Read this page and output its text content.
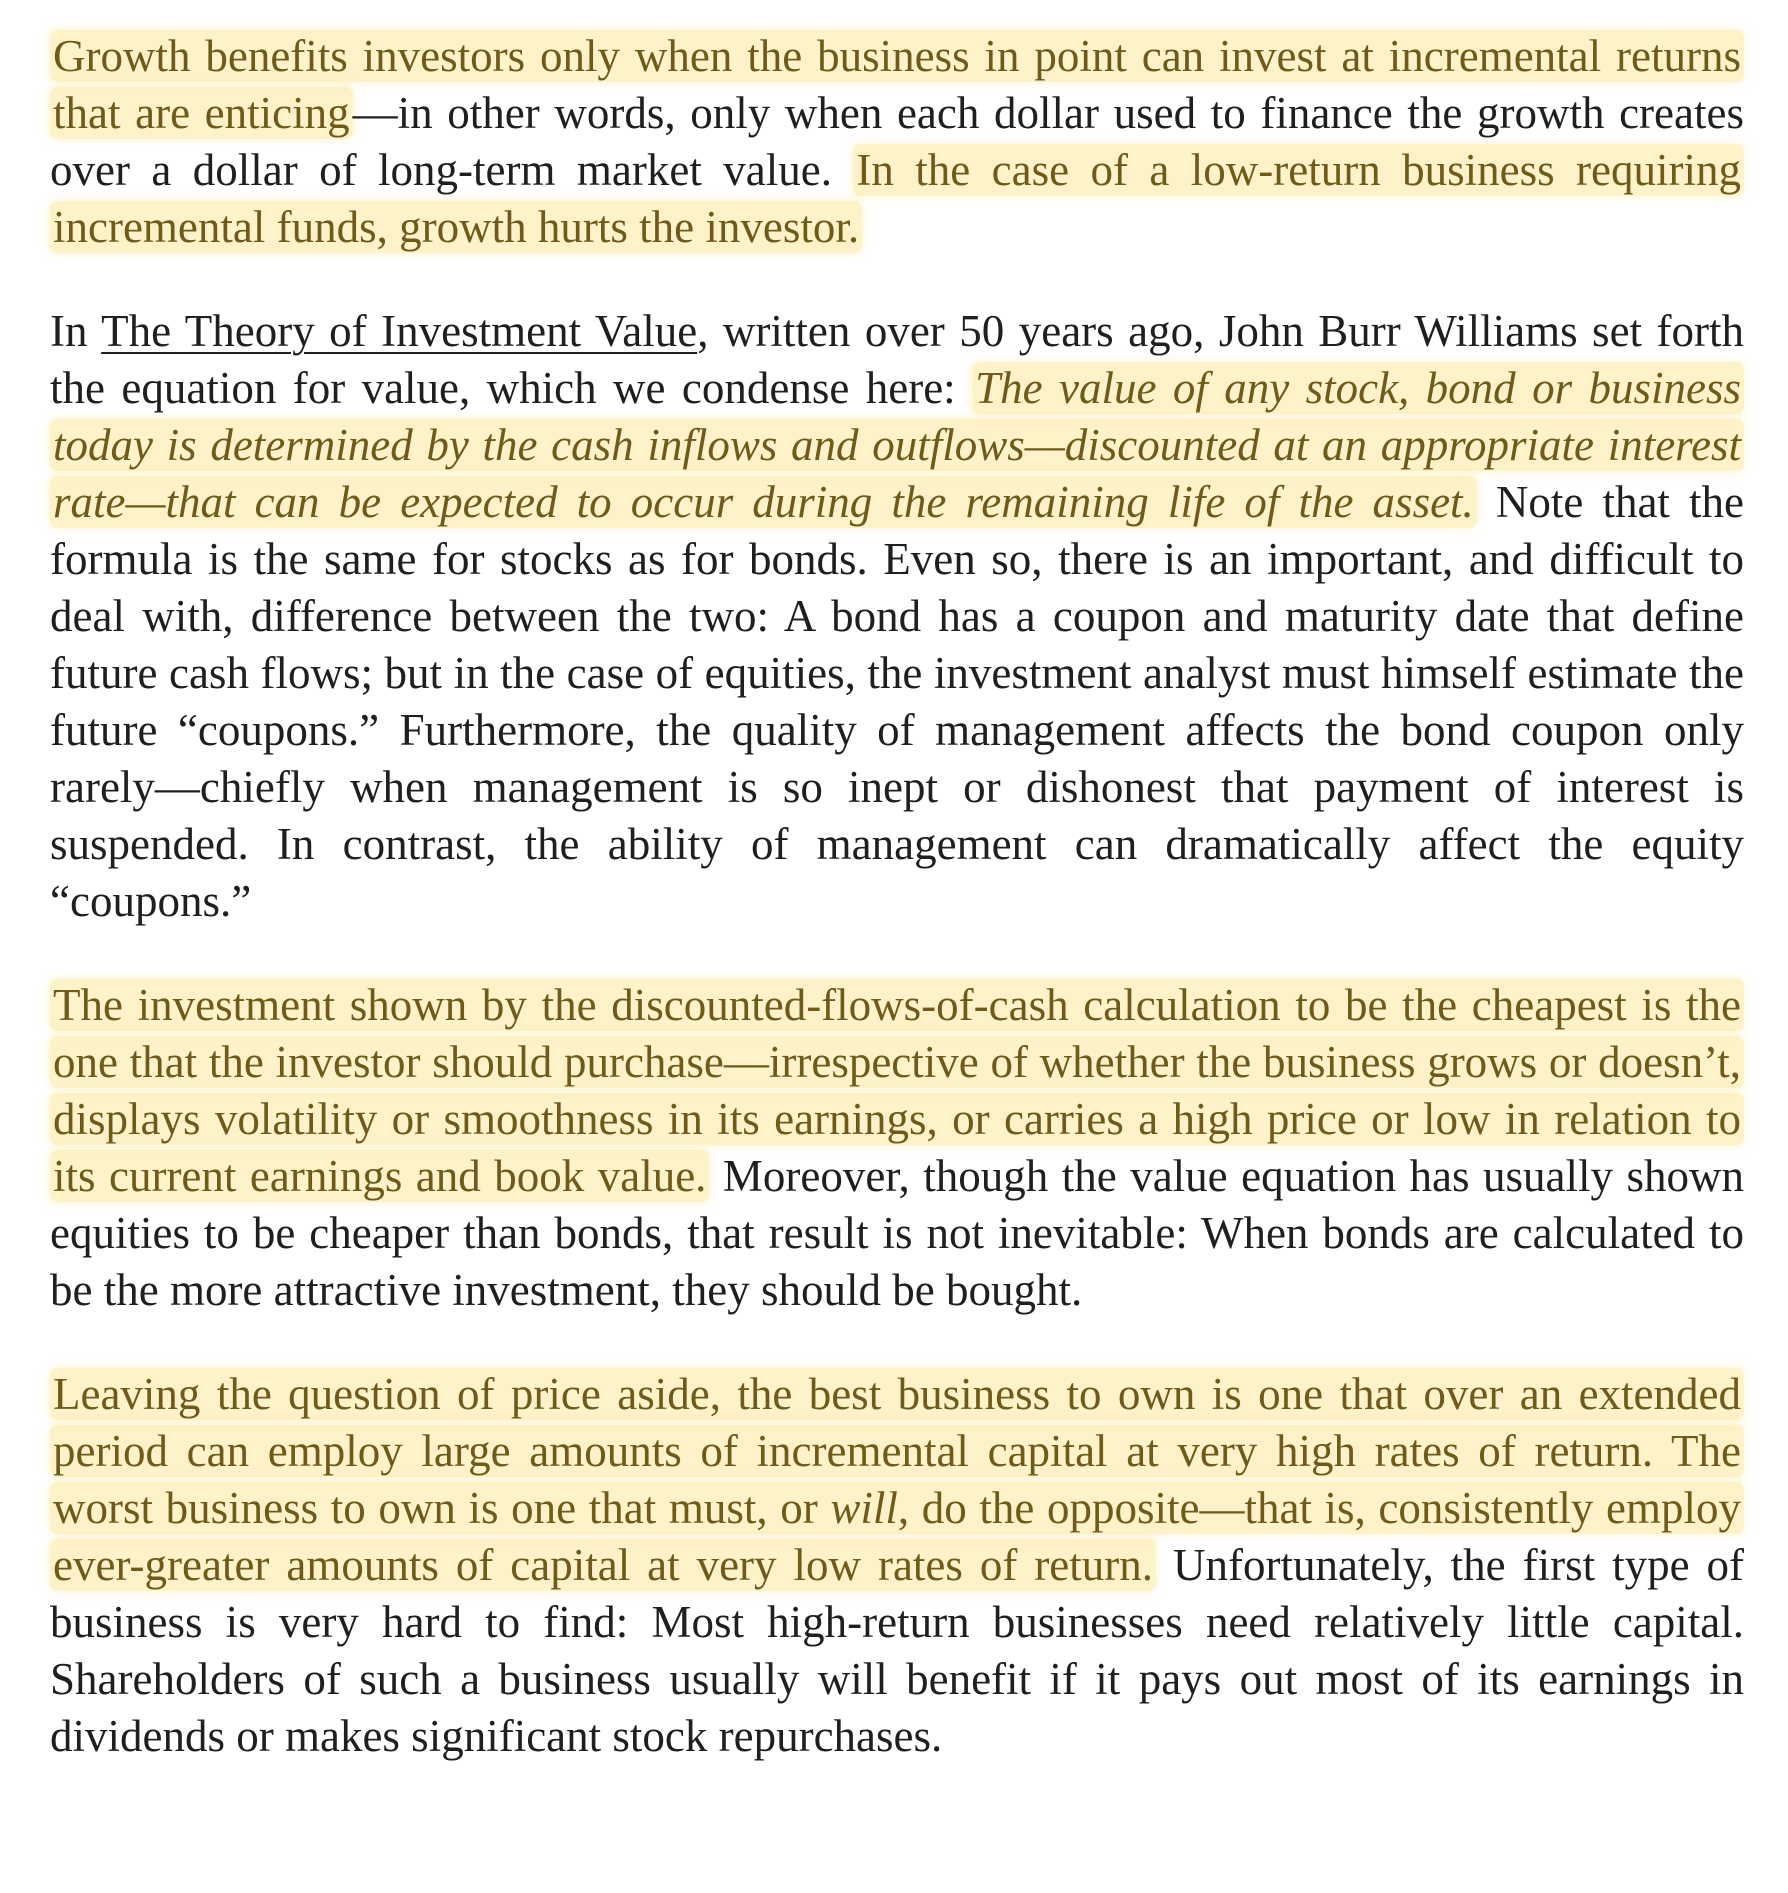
Growth benefits investors only when the business in point can invest at incremental returns that are enticing—in other words, only when each dollar used to finance the growth creates over a dollar of long-term market value. In the case of a low-return business requiring incremental funds, growth hurts the investor.

In The Theory of Investment Value, written over 50 years ago, John Burr Williams set forth the equation for value, which we condense here: The value of any stock, bond or business today is determined by the cash inflows and outflows—discounted at an appropriate interest rate—that can be expected to occur during the remaining life of the asset. Note that the formula is the same for stocks as for bonds. Even so, there is an important, and difficult to deal with, difference between the two: A bond has a coupon and maturity date that define future cash flows; but in the case of equities, the investment analyst must himself estimate the future “coupons.” Furthermore, the quality of management affects the bond coupon only rarely—chiefly when management is so inept or dishonest that payment of interest is suspended. In contrast, the ability of management can dramatically affect the equity “coupons.”

The investment shown by the discounted-flows-of-cash calculation to be the cheapest is the one that the investor should purchase—irrespective of whether the business grows or doesn’t, displays volatility or smoothness in its earnings, or carries a high price or low in relation to its current earnings and book value. Moreover, though the value equation has usually shown equities to be cheaper than bonds, that result is not inevitable: When bonds are calculated to be the more attractive investment, they should be bought.

Leaving the question of price aside, the best business to own is one that over an extended period can employ large amounts of incremental capital at very high rates of return. The worst business to own is one that must, or will, do the opposite—that is, consistently employ ever-greater amounts of capital at very low rates of return. Unfortunately, the first type of business is very hard to find: Most high-return businesses need relatively little capital. Shareholders of such a business usually will benefit if it pays out most of its earnings in dividends or makes significant stock repurchases.
